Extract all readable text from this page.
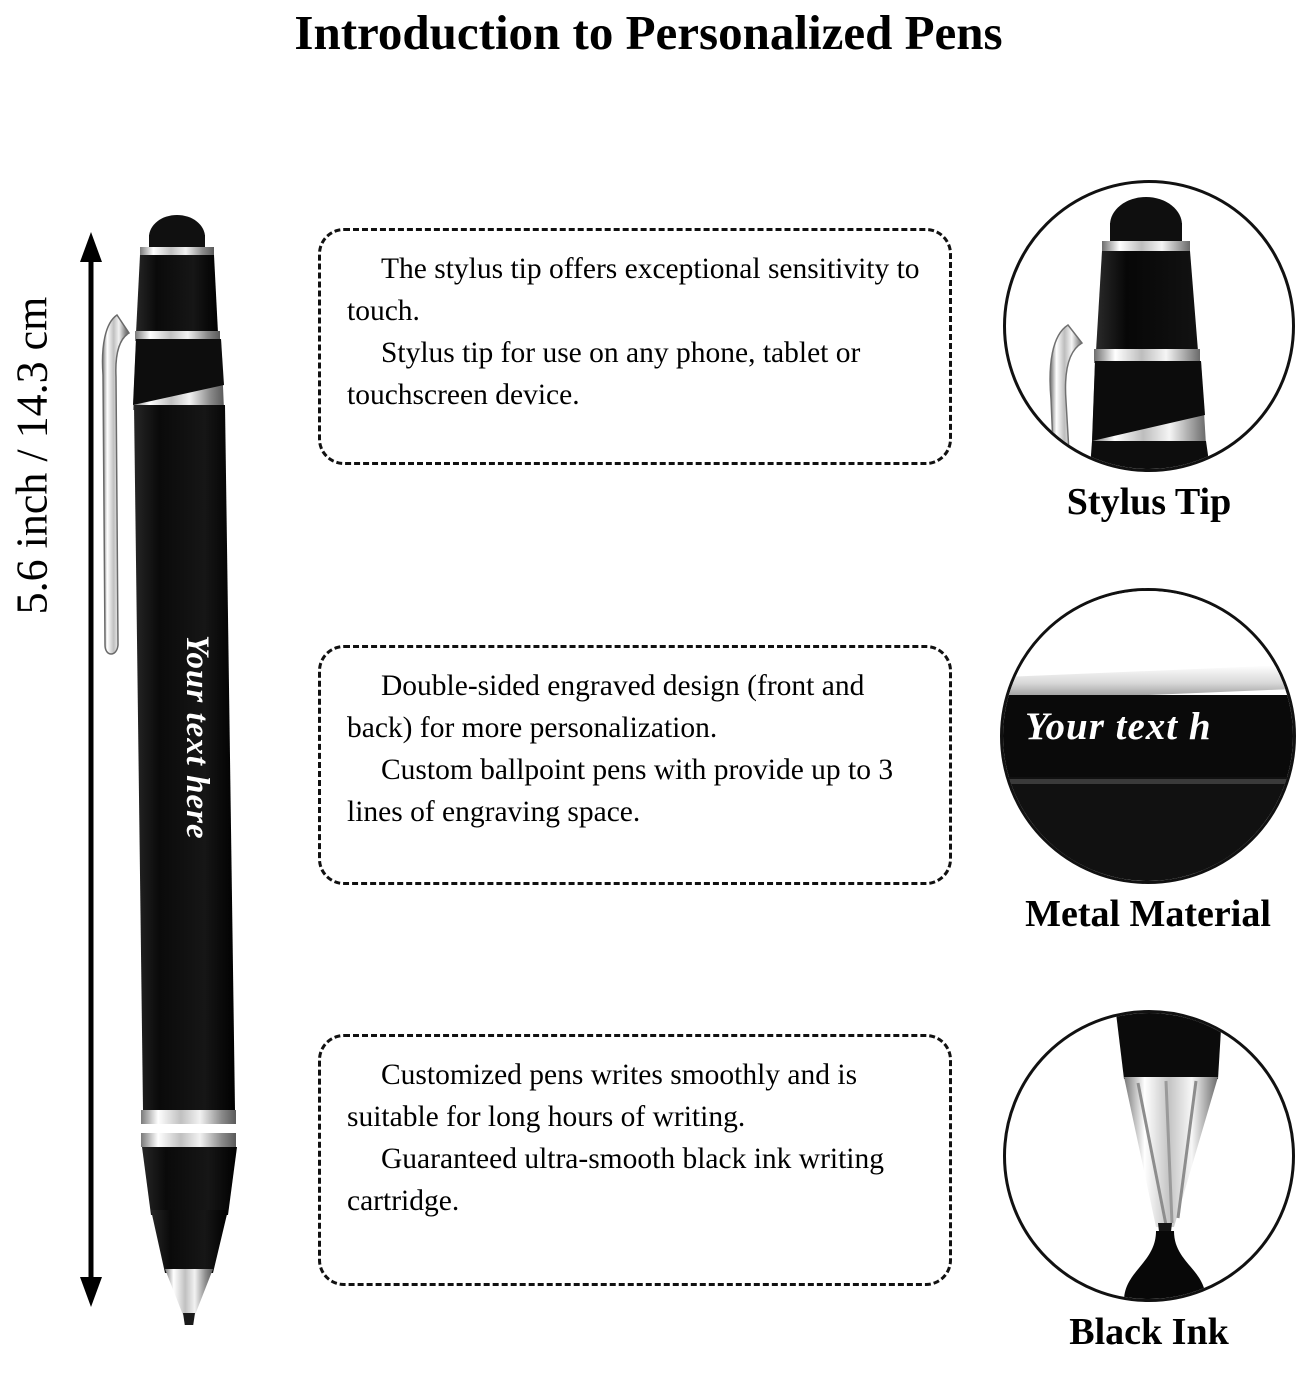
Introduction to Personalized Pens
5.6 inch / 14.3 cm
Your text here

The stylus tip offers exceptional sensitivity to touch.

Stylus tip for use on any phone, tablet or touchscreen device.

Double-sided engraved design (front and back) for more personalization.

Custom ballpoint pens with provide up to 3 lines of engraving space.

Customized pens writes smoothly and is suitable for long hours of writing.

Guaranteed ultra-smooth black ink writing cartridge.

Stylus Tip
Your text h
Metal Material
Black Ink
